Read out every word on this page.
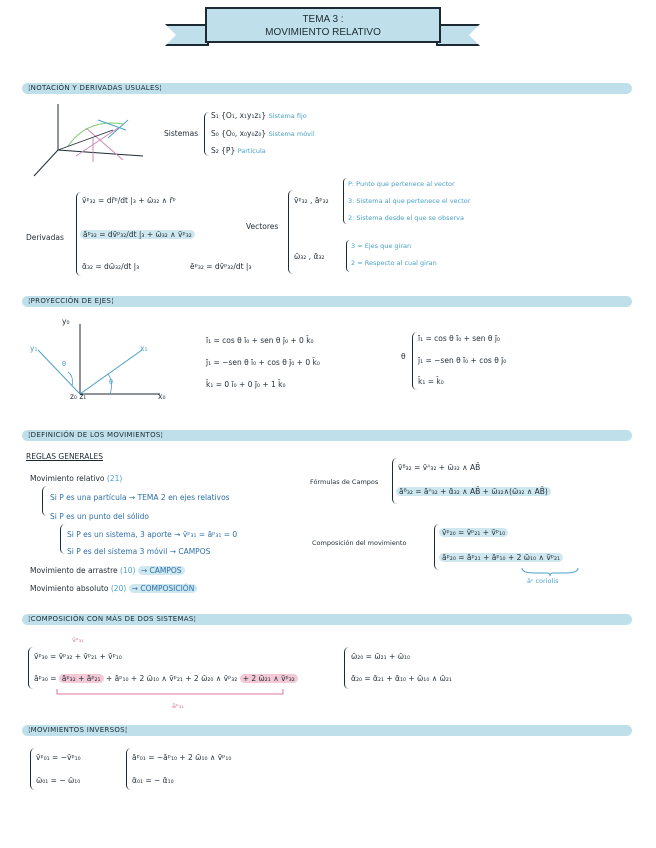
TEMA 3 :
MOVIMIENTO RELATIVO
¦NOTACIÓN Y DERIVADAS USUALES¦
Sistemas
S₁ {O₁, x₁y₁z₁} Sistema fijo
S₀ {O₀, x₀y₀z₀} Sistema móvil
S₂ {P} Partícula
Derivadas
v̄ᵖ₃₂ = dr̄ᵖ/dt |₃ + ω̄₃₂ ∧ r̄ᵖ
āᵖ₃₂ = dv̄ᵖ₃₂/dt |₃ + ω̄₃₂ ∧ v̄ᵖ₃₂
ᾱ₃₂ = dω̄₃₂/dt |₃	ēᵖ₃₂ = dv̄ᵖ₃₂/dt |₃
Vectores
v̄ᵖ₃₂ , āᵖ₃₂
P: Punto que pertenece al vector
3: Sistema al que pertenece el vector
2: Sistema desde el que se observa
ω̄₃₂ , ᾱ₃₂
3 = Ejes que giran
2 = Respecto al cual giran
¦PROYECCIÓN DE EJES¦
y₀
y₁	x₁
x₀
z₀ z₁
θ
θ
ī₁ = cos θ ī₀ + sen θ j̄₀ + 0 k̄₀
j̄₁ = −sen θ ī₀ + cos θ j̄₀ + 0 k̄₀
k̄₁ = 0 ī₀ + 0 j̄₀ + 1 k̄₀
θ
ī₁ = cos θ ī₀ + sen θ j̄₀
j̄₁ = −sen θ ī₀ + cos θ j̄₀
k̄₁ = k̄₀
¦DEFINICIÓN DE LOS MOVIMIENTOS¦
REGLAS GENERALES
Movimiento relativo (21)
Si P es una partícula → TEMA 2 en ejes relativos
Si P es un punto del sólido
Si P es un sistema, 3 aporte → v̄ᵖ₃₁ = āᵖ₃₁ = 0
Si P es del sistema 3 móvil → CAMPOS
Movimiento de arrastre (10) → CAMPOS
Movimiento absoluto (20) → COMPOSICIÓN
Fórmulas de Campos
v̄ᴮ₃₂ = v̄ᴬ₃₂ + ω̄₃₂ ∧ AB̄
āᴮ₃₂ = āᴬ₃₂ + ᾱ₃₂ ∧ AB̄ + ω̄₃₂∧(ω̄₃₂ ∧ AB̄)
Composición del movimiento
v̄ᵖ₂₀ = v̄ᵖ₂₁ + v̄ᵖ₁₀
āᵖ₂₀ = āᵖ₂₁ + āᵖ₁₀ + 2 ω̄₁₀ ∧ v̄ᵖ₂₁
āᶜ coriolis
¦COMPOSICIÓN CON MÁS DE DOS SISTEMAS¦
v̄ᵖ₃₁
v̄ᵖ₃₀ = v̄ᵖ₃₂ + v̄ᵖ₂₁ + v̄ᵖ₁₀
āᵖ₃₀ = āᵖ₃₂ + āᵖ₂₁ + āᵖ₁₀ + 2 ω̄₁₀ ∧ v̄ᵖ₂₁ + 2 ω̄₂₀ ∧ v̄ᵖ₃₂ + 2 ω̄₂₁ ∧ v̄ᵖ₃₂
āᵖ₃₁
ω̄₂₀ = ω̄₂₁ + ω̄₁₀
ᾱ₂₀ = ᾱ₂₁ + ᾱ₁₀ + ω̄₁₀ ∧ ω̄₂₁
¦MOVIMIENTOS INVERSOS¦
v̄ᵖ₀₁ = −v̄ᵖ₁₀
ω̄₀₁ = − ω̄₁₀
āᵖ₀₁ = −āᵖ₁₀ + 2 ω̄₁₀ ∧ v̄ᵖ₁₀
ᾱ₀₁ = − ᾱ₁₀
